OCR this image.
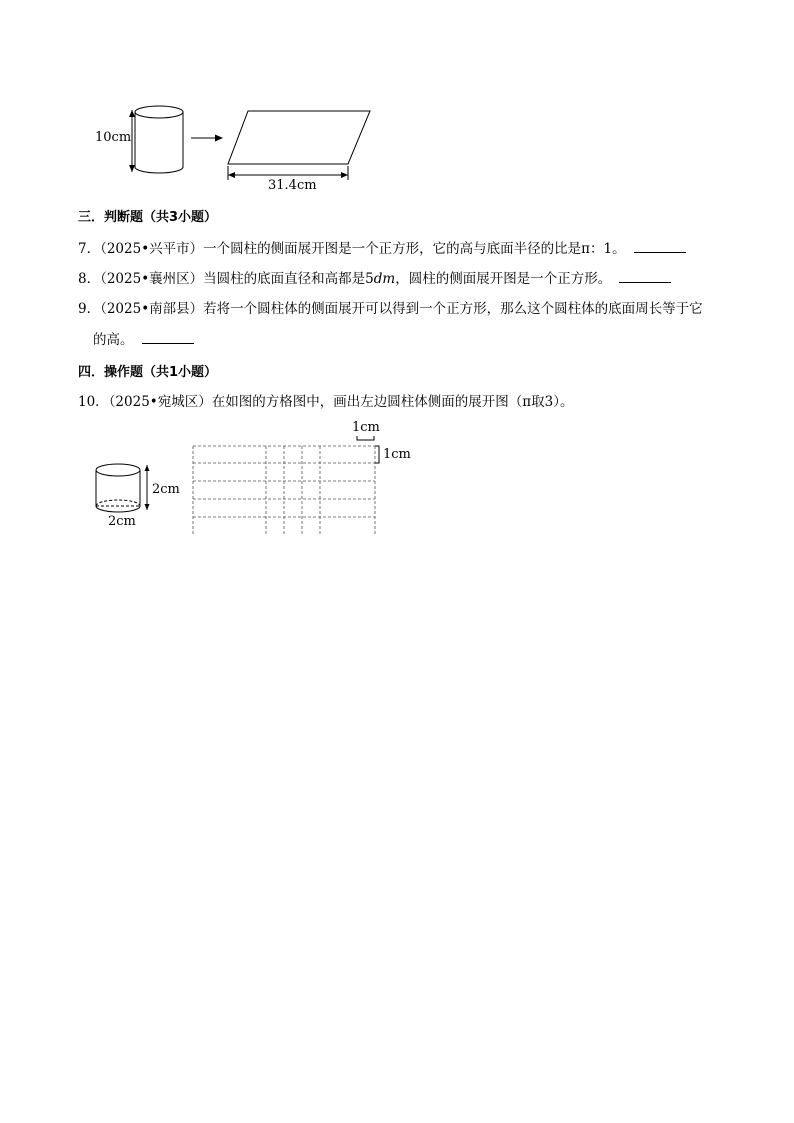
10cm
31.4cm
三．判断题（共3小题）
7．（2025•兴平市）一个圆柱的侧面展开图是一个正方形，它的高与底面半径的比是π：1。
8．（2025•襄州区）当圆柱的底面直径和高都是5dm，圆柱的侧面展开图是一个正方形。
9．（2025•南部县）若将一个圆柱体的侧面展开可以得到一个正方形，那么这个圆柱体的底面周长等于它
的高。
四．操作题（共1小题）
10．（2025•宛城区）在如图的方格图中，画出左边圆柱体侧面的展开图（π取3）。
2cm
2cm
1cm
1cm
